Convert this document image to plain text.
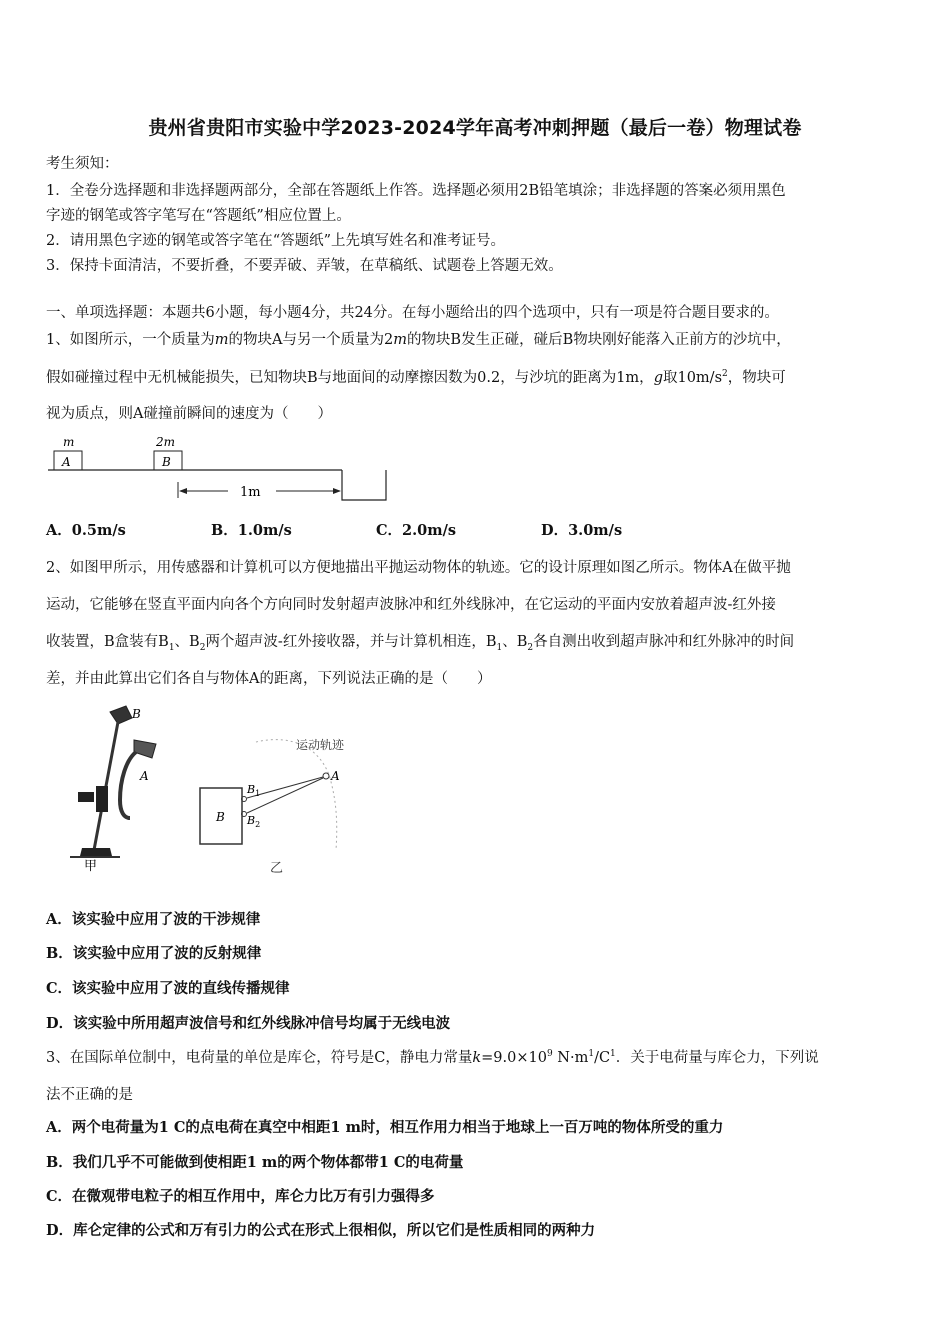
贵州省贵阳市实验中学2023-2024学年高考冲刺押题（最后一卷）物理试卷
考生须知：
1．全卷分选择题和非选择题两部分，全部在答题纸上作答。选择题必须用2B铅笔填涂；非选择题的答案必须用黑色
字迹的钢笔或答字笔写在“答题纸”相应位置上。
2．请用黑色字迹的钢笔或答字笔在“答题纸”上先填写姓名和准考证号。
3．保持卡面清洁，不要折叠，不要弄破、弄皱，在草稿纸、试题卷上答题无效。
一、单项选择题：本题共6小题，每小题4分，共24分。在每小题给出的四个选项中，只有一项是符合题目要求的。
1、如图所示，一个质量为m的物块A与另一个质量为2m的物块B发生正碰，碰后B物块刚好能落入正前方的沙坑中，
假如碰撞过程中无机械能损失，已知物块B与地面间的动摩擦因数为0.2，与沙坑的距离为1m，g取$10m/s^2$，物块可
视为质点，则A碰撞前瞬间的速度为（　　）
m	2m
A	B
1m
A．0.5m/s	B．1.0m/s	C．2.0m/s	D．3.0m/s
2、如图甲所示，用传感器和计算机可以方便地描出平抛运动物体的轨迹。它的设计原理如图乙所示。物体A在做平抛
运动，它能够在竖直平面内向各个方向同时发射超声波脉冲和红外线脉冲，在它运动的平面内安放着超声波-红外接
收装置，B盒装有$B_1$、$B_2$两个超声波-红外接收器，并与计算机相连，$B_1$、$B_2$各自测出收到超声脉冲和红外脉冲的时间
差，并由此算出它们各自与物体A的距离，下列说法正确的是（　　）
B
A
甲
运动轨迹
B
$B_1$
$B_2$
A
乙
A．该实验中应用了波的干涉规律
B．该实验中应用了波的反射规律
C．该实验中应用了波的直线传播规律
D．该实验中所用超声波信号和红外线脉冲信号均属于无线电波
3、在国际单位制中，电荷量的单位是库仑，符号是C，静电力常量$k=9.0\times 10^9$ $N\cdot m^1/C^1$．关于电荷量与库仑力，下列说
法不正确的是
A．两个电荷量为1 C的点电荷在真空中相距1 m时，相互作用力相当于地球上一百万吨的物体所受的重力
B．我们几乎不可能做到使相距1 m的两个物体都带1 C的电荷量
C．在微观带电粒子的相互作用中，库仑力比万有引力强得多
D．库仑定律的公式和万有引力的公式在形式上很相似，所以它们是性质相同的两种力
